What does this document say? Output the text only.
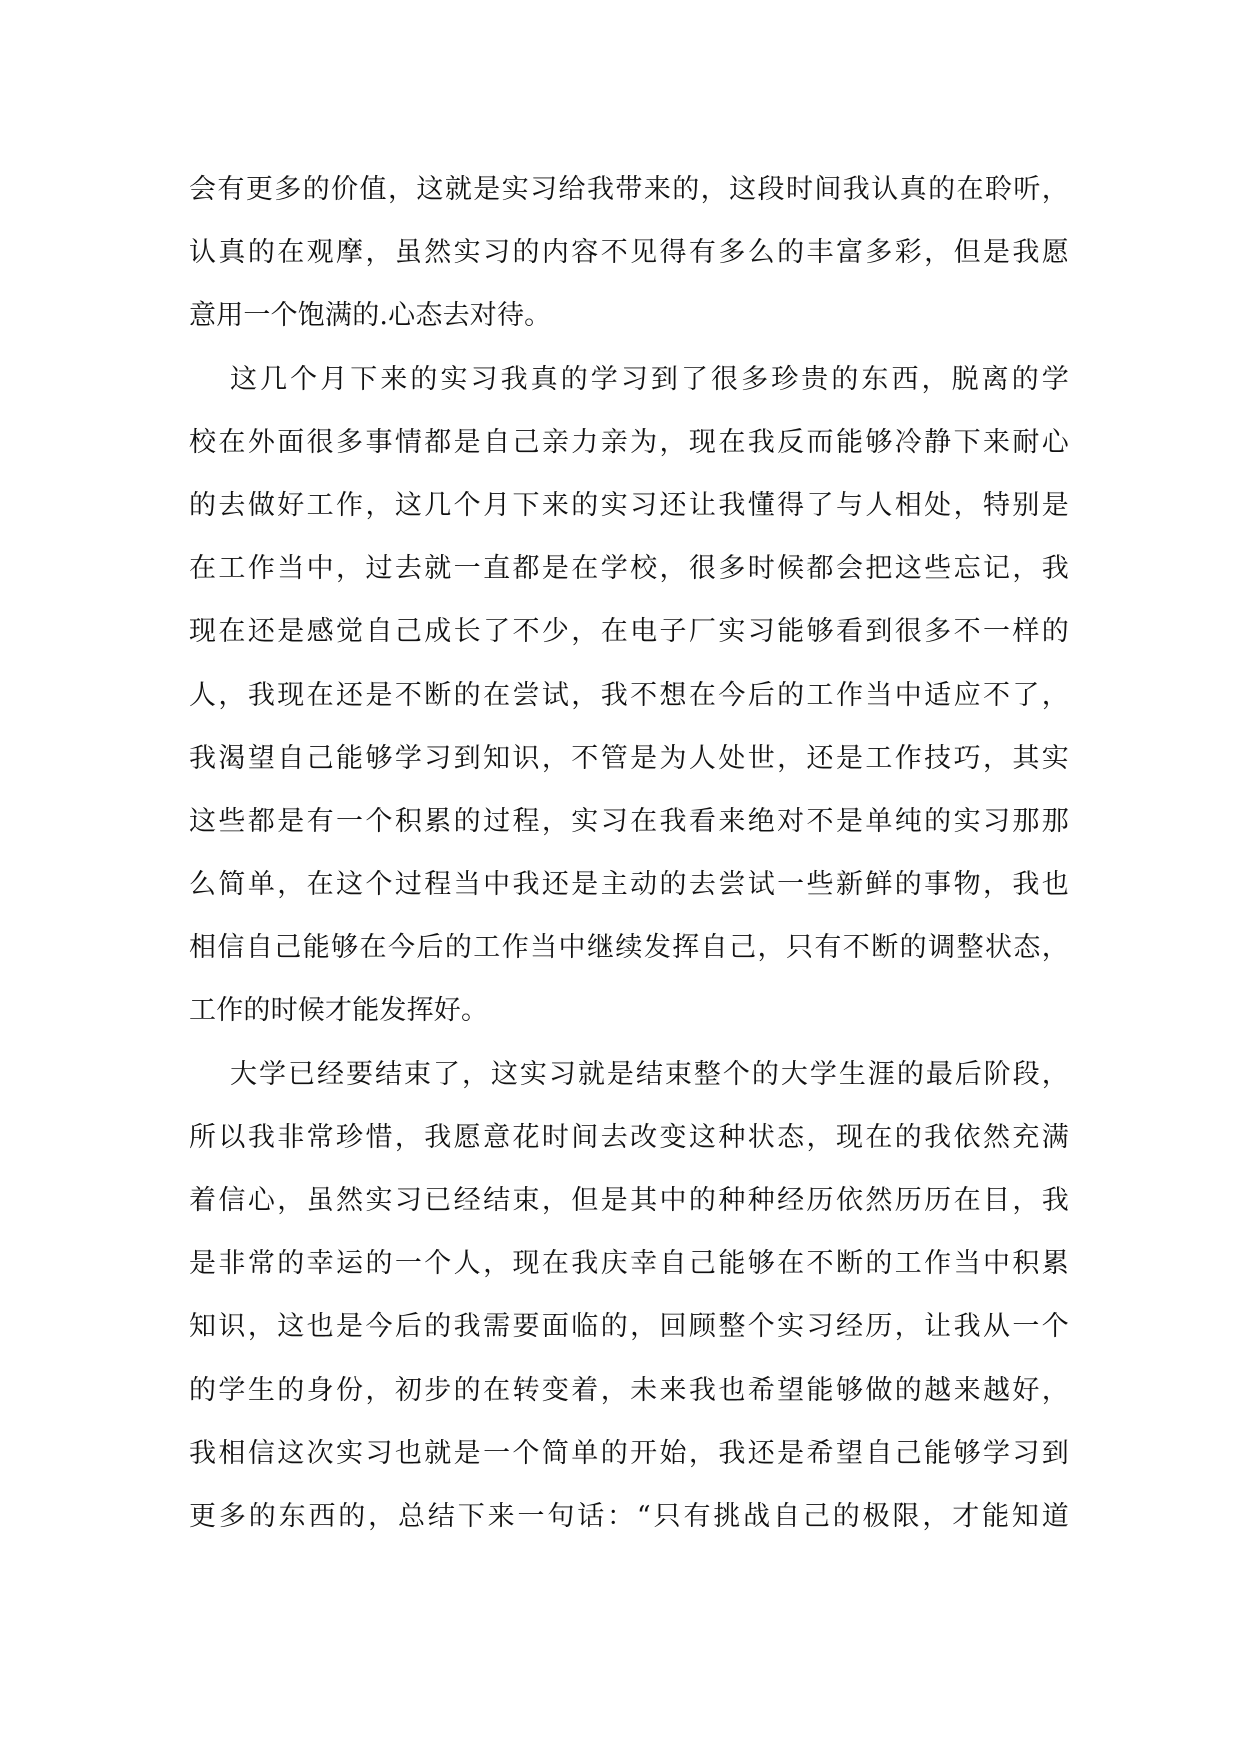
会有更多的价值，这就是实习给我带来的，这段时间我认真的在聆听，
认真的在观摩，虽然实习的内容不见得有多么的丰富多彩，但是我愿
意用一个饱满的.心态去对待。
这几个月下来的实习我真的学习到了很多珍贵的东西，脱离的学
校在外面很多事情都是自己亲力亲为，现在我反而能够冷静下来耐心
的去做好工作，这几个月下来的实习还让我懂得了与人相处，特别是
在工作当中，过去就一直都是在学校，很多时候都会把这些忘记，我
现在还是感觉自己成长了不少，在电子厂实习能够看到很多不一样的
人，我现在还是不断的在尝试，我不想在今后的工作当中适应不了，
我渴望自己能够学习到知识，不管是为人处世，还是工作技巧，其实
这些都是有一个积累的过程，实习在我看来绝对不是单纯的实习那那
么简单，在这个过程当中我还是主动的去尝试一些新鲜的事物，我也
相信自己能够在今后的工作当中继续发挥自己，只有不断的调整状态，
工作的时候才能发挥好。
大学已经要结束了，这实习就是结束整个的大学生涯的最后阶段，
所以我非常珍惜，我愿意花时间去改变这种状态，现在的我依然充满
着信心，虽然实习已经结束，但是其中的种种经历依然历历在目，我
是非常的幸运的一个人，现在我庆幸自己能够在不断的工作当中积累
知识，这也是今后的我需要面临的，回顾整个实习经历，让我从一个
的学生的身份，初步的在转变着，未来我也希望能够做的越来越好，
我相信这次实习也就是一个简单的开始，我还是希望自己能够学习到
更多的东西的，总结下来一句话：“只有挑战自己的极限，才能知道
